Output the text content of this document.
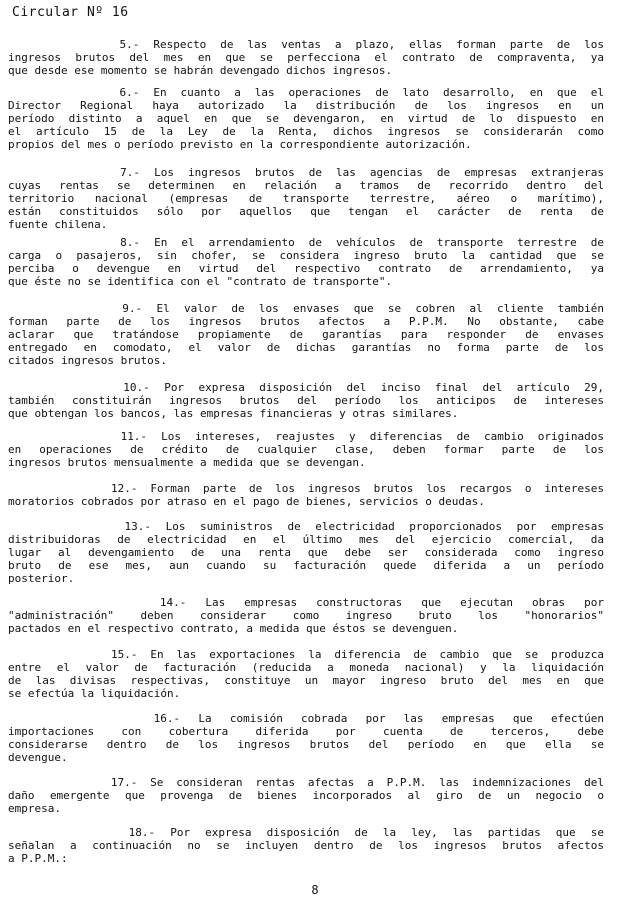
Circular Nº 16
5.- Respecto de las ventas a plazo, ellas forman parte de los
ingresos brutos del mes en que se perfecciona el contrato de compraventa, ya
que desde ese momento se habrán devengado dichos ingresos.
6.- En cuanto a las operaciones de lato desarrollo, en que el
Director Regional haya autorizado la distribución de los ingresos en un
período distinto a aquel en que se devengaron, en virtud de lo dispuesto en
el artículo 15 de la Ley de la Renta, dichos ingresos se considerarán como
propios del mes o período previsto en la correspondiente autorización.
7.- Los ingresos brutos de las agencias de empresas extranjeras
cuyas rentas se determinen en relación a tramos de recorrido dentro del
territorio nacional (empresas de transporte terrestre, aéreo o marítimo),
están constituidos sólo por aquellos que tengan el carácter de renta de
fuente chilena.
8.- En el arrendamiento de vehículos de transporte terrestre de
carga o pasajeros, sin chofer, se considera ingreso bruto la cantidad que se
perciba o devengue en virtud del respectivo contrato de arrendamiento, ya
que éste no se identifica con el "contrato de transporte".
9.- El valor de los envases que se cobren al cliente también
forman parte de los ingresos brutos afectos a P.P.M. No obstante, cabe
aclarar que tratándose propiamente de garantías para responder de envases
entregado en comodato, el valor de dichas garantías no forma parte de los
citados ingresos brutos.
10.- Por expresa disposición del inciso final del artículo 29,
también constituirán ingresos brutos del período los anticipos de intereses
que obtengan los bancos, las empresas financieras y otras similares.
11.- Los intereses, reajustes y diferencias de cambio originados
en operaciones de crédito de cualquier clase, deben formar parte de los
ingresos brutos mensualmente a medida que se devengan.
12.- Forman parte de los ingresos brutos los recargos o intereses
moratorios cobrados por atraso en el pago de bienes, servicios o deudas.
13.- Los suministros de electricidad proporcionados por empresas
distribuidoras de electricidad en el último mes del ejercicio comercial, da
lugar al devengamiento de una renta que debe ser considerada como ingreso
bruto de ese mes, aun cuando su facturación quede diferida a un período
posterior.
14.- Las empresas constructoras que ejecutan obras por
"administración" deben considerar como ingreso bruto los "honorarios"
pactados en el respectivo contrato, a medida que éstos se devenguen.
15.- En las exportaciones la diferencia de cambio que se produzca
entre el valor de facturación (reducida a moneda nacional) y la liquidación
de las divisas respectivas, constituye un mayor ingreso bruto del mes en que
se efectúa la liquidación.
16.- La comisión cobrada por las empresas que efectúen
importaciones con cobertura diferida por cuenta de terceros, debe
considerarse dentro de los ingresos brutos del período en que ella se
devengue.
17.- Se consideran rentas afectas a P.P.M. las indemnizaciones del
daño emergente que provenga de bienes incorporados al giro de un negocio o
empresa.
18.- Por expresa disposición de la ley, las partidas que se
señalan a continuación no se incluyen dentro de los ingresos brutos afectos
a P.P.M.:
8
